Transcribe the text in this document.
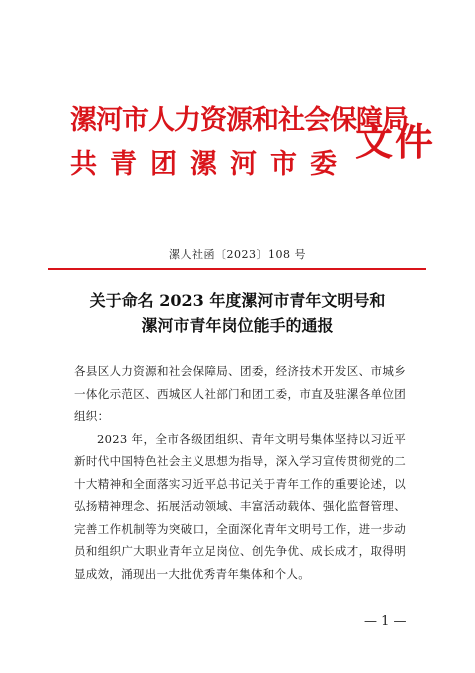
漯河市人力资源和社会保障局
共青团漯河市委
文件
漯人社函〔2023〕108 号
关于命名 2023 年度漯河市青年文明号和
漯河市青年岗位能手的通报

各县区人力资源和社会保障局、团委，经济技术开发区、市城乡一体化示范区、西城区人社部门和团工委，市直及驻漯各单位团组织：

2023 年，全市各级团组织、青年文明号集体坚持以习近平新时代中国特色社会主义思想为指导，深入学习宣传贯彻党的二十大精神和全面落实习近平总书记关于青年工作的重要论述，以弘扬精神理念、拓展活动领域、丰富活动载体、强化监督管理、完善工作机制等为突破口，全面深化青年文明号工作，进一步动员和组织广大职业青年立足岗位、创先争优、成长成才，取得明显成效，涌现出一大批优秀青年集体和个人。

— 1 —
